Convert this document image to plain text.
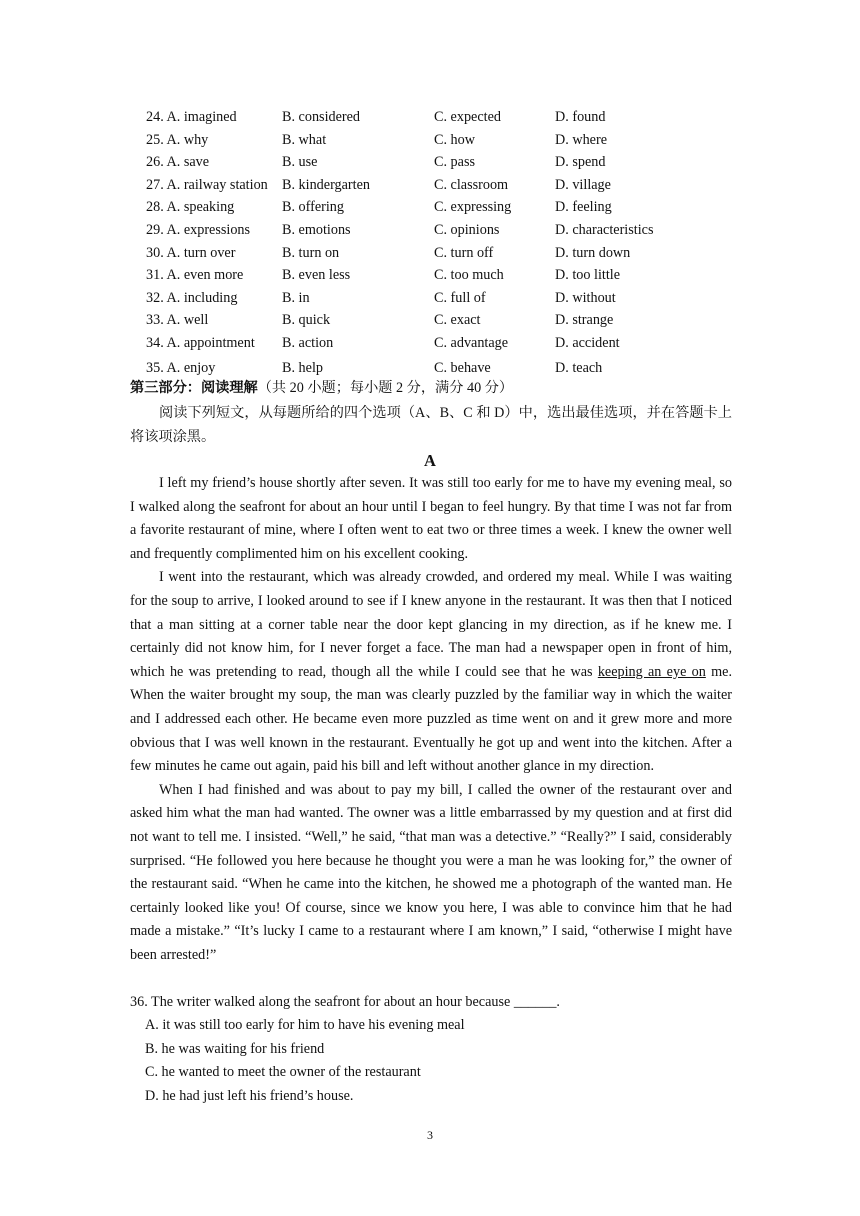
24. A. imagined	B. considered	C. expected	D. found
25. A. why	B. what	C. how	D. where
26. A. save	B. use	C. pass	D. spend
27. A. railway station B. kindergarten	C. classroom	D. village
28. A. speaking	B. offering	C. expressing	D. feeling
29. A. expressions B. emotions	C. opinions	D. characteristics
30. A. turn over	B. turn on	C. turn off	D. turn down
31. A. even more	B. even less	C. too much	D. too little
32. A. including	B. in	C. full of	D. without
33. A. well	B. quick	C. exact	D. strange
34. A. appointment B. action	C. advantage	D. accident
35. A. enjoy	B. help	C. behave	D. teach
第三部分：阅读理解（共 20 小题；每小题 2 分，满分 40 分）
阅读下列短文，从每题所给的四个选项（A、B、C 和 D）中，选出最佳选项，并在答题卡上将该项涂黑。
A

I left my friend’s house shortly after seven. It was still too early for me to have my evening meal, so I walked along the seafront for about an hour until I began to feel hungry. By that time I was not far from a favorite restaurant of mine, where I often went to eat two or three times a week. I knew the owner well and frequently complimented him on his excellent cooking.

I went into the restaurant, which was already crowded, and ordered my meal. While I was waiting for the soup to arrive, I looked around to see if I knew anyone in the restaurant. It was then that I noticed that a man sitting at a corner table near the door kept glancing in my direction, as if he knew me. I certainly did not know him, for I never forget a face. The man had a newspaper open in front of him, which he was pretending to read, though all the while I could see that he was keeping an eye on me. When the waiter brought my soup, the man was clearly puzzled by the familiar way in which the waiter and I addressed each other. He became even more puzzled as time went on and it grew more and more obvious that I was well known in the restaurant. Eventually he got up and went into the kitchen. After a few minutes he came out again, paid his bill and left without another glance in my direction.

When I had finished and was about to pay my bill, I called the owner of the restaurant over and asked him what the man had wanted. The owner was a little embarrassed by my question and at first did not want to tell me. I insisted. “Well,” he said, “that man was a detective.” “Really?” I said, considerably surprised. “He followed you here because he thought you were a man he was looking for,” the owner of the restaurant said. “When he came into the kitchen, he showed me a photograph of the wanted man. He certainly looked like you! Of course, since we know you here, I was able to convince him that he had made a mistake.” “It’s lucky I came to a restaurant where I am known,” I said, “otherwise I might have been arrested!”

36. The writer walked along the seafront for about an hour because ______.
A. it was still too early for him to have his evening meal
B. he was waiting for his friend
C. he wanted to meet the owner of the restaurant
D. he had just left his friend’s house.
3
